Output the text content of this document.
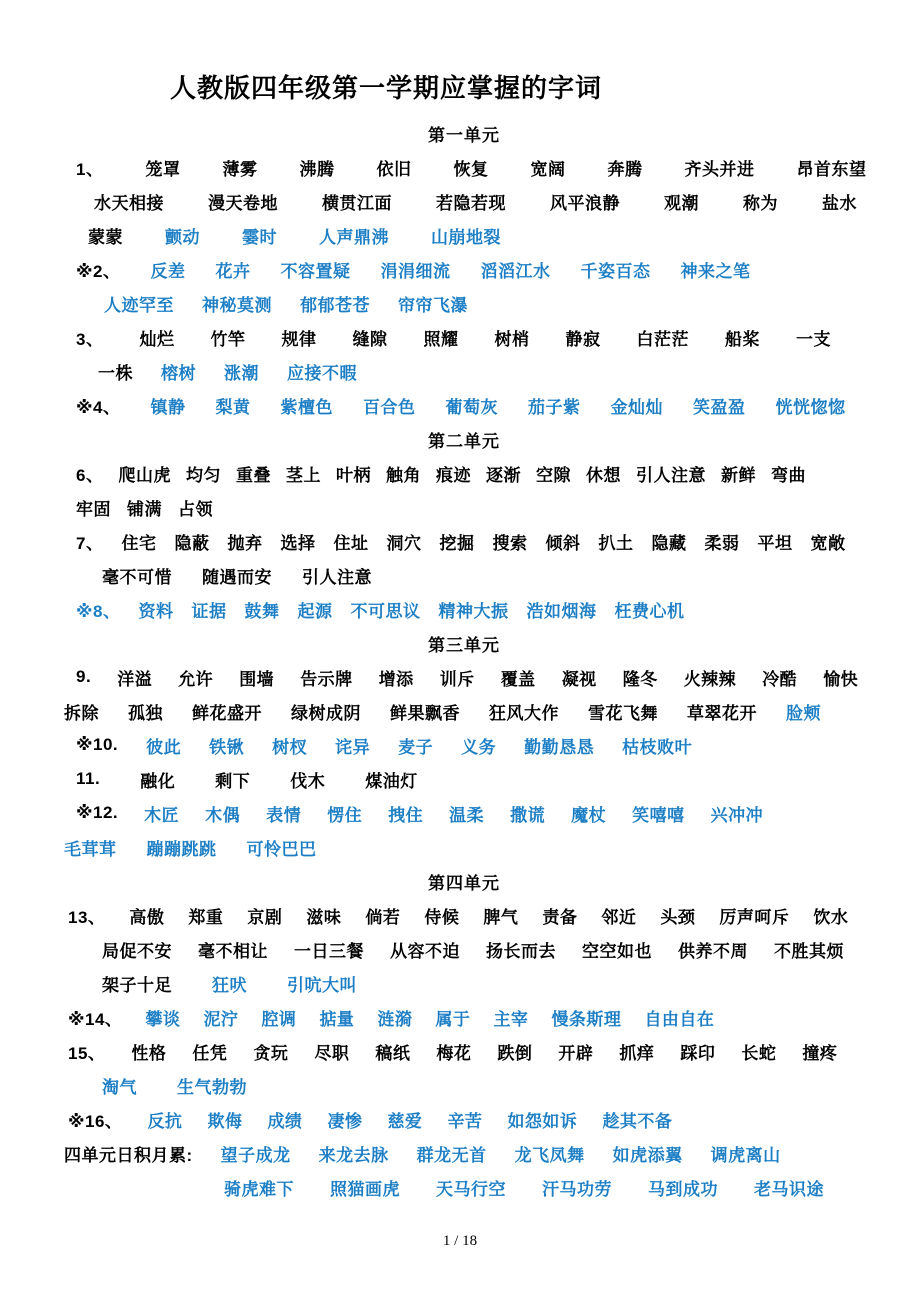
人教版四年级第一学期应掌握的字词
第一单元
1、 笼罩 薄雾 沸腾 依旧 恢复 宽阔 奔腾 齐头并进 昂首东望
水天相接	漫天卷地	横贯江面	若隐若现	风平浪静	观潮	称为	盐水
蒙蒙 颤动 霎时 人声鼎沸 山崩地裂
※2、 反差 花卉 不容置疑 涓涓细流 滔滔江水 千姿百态 神来之笔
人迹罕至 神秘莫测 郁郁苍苍 帘帘飞瀑
3、 灿烂 竹竿 规律 缝隙 照耀 树梢 静寂 白茫茫 船桨 一支
一株 榕树 涨潮 应接不暇
※4、 镇静 梨黄 紫檀色 百合色 葡萄灰 茄子紫 金灿灿 笑盈盈 恍恍惚惚
第二单元
6、 爬山虎 均匀 重叠 茎上 叶柄 触角 痕迹 逐渐 空隙 休想 引人注意 新鲜 弯曲
牢固 铺满 占领
7、 住宅 隐蔽 抛弃 选择 住址 洞穴 挖掘 搜索 倾斜 扒土 隐藏 柔弱 平坦 宽敞
毫不可惜 随遇而安 引人注意
※8、 资料 证据 鼓舞 起源 不可思议 精神大振 浩如烟海 枉费心机
第三单元
9. 洋溢 允许 围墙 告示牌 增添 训斥 覆盖 凝视 隆冬 火辣辣 冷酷 愉快
拆除 孤独 鲜花盛开 绿树成阴 鲜果飘香 狂风大作 雪花飞舞 草翠花开 脸颊
※10. 彼此 铁锹 树杈 诧异 麦子 义务 勤勤恳恳 枯枝败叶
11. 融化 剩下 伐木 煤油灯
※12. 木匠 木偶 表情 愣住 拽住 温柔 撒谎 魔杖 笑嘻嘻 兴冲冲
毛茸茸 蹦蹦跳跳 可怜巴巴
第四单元
13、 高傲 郑重 京剧 滋味 倘若 侍候 脾气 责备 邻近 头颈 厉声呵斥 饮水
局促不安 毫不相让 一日三餐 从容不迫 扬长而去 空空如也 供养不周 不胜其烦
架子十足 狂吠 引吭大叫
※14、 攀谈 泥泞 腔调 掂量 涟漪 属于 主宰 慢条斯理 自由自在
15、 性格 任凭 贪玩 尽职 稿纸 梅花 跌倒 开辟 抓痒 踩印 长蛇 撞疼
淘气 生气勃勃
※16、 反抗 欺侮 成绩 凄惨 慈爱 辛苦 如怨如诉 趁其不备
四单元日积月累: 望子成龙 来龙去脉 群龙无首 龙飞凤舞 如虎添翼 调虎离山
骑虎难下 照猫画虎 天马行空 汗马功劳 马到成功 老马识途
1 / 18
